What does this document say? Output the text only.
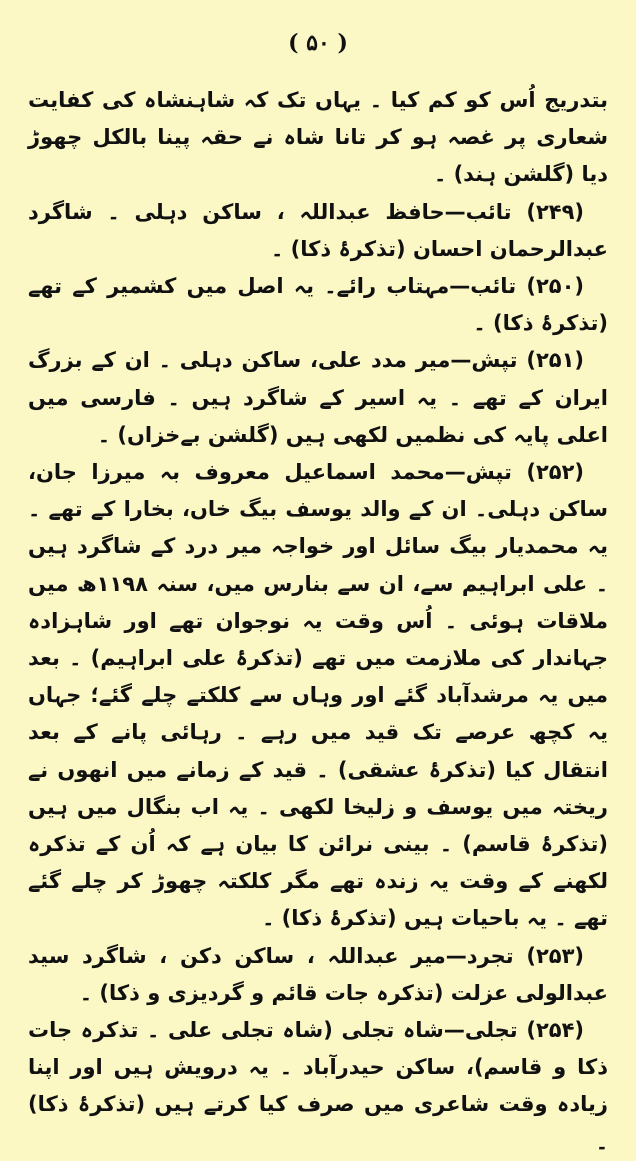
( ۵۰ )

بتدریج اُس کو کم کیا ۔ یہاں تک کہ شاہنشاہ کی کفایت شعاری پر غصہ ہو کر تانا شاہ نے حقہ پینا بالکل چھوڑ دیا (گلشن ہند) ۔

(۲۴۹) تائب—حافظ عبداللہ ، ساکن دہلی ۔ شاگرد عبدالرحمان احسان (تذکرۂ ذکا) ۔

(۲۵۰) تائب—مہتاب رائے۔ یہ اصل میں کشمیر کے تھے (تذکرۂ ذکا) ۔

(۲۵۱) تپش—میر مدد علی، ساکن دہلی ۔ ان کے بزرگ ایران کے تھے ۔ یہ اسیر کے شاگرد ہیں ۔ فارسی میں اعلی پایہ کی نظمیں لکھی ہیں (گلشن بےخزاں) ۔

(۲۵۲) تپش—محمد اسماعیل معروف بہ میرزا جان، ساکن دہلی۔ ان کے والد یوسف بیگ خاں، بخارا کے تھے ۔ یہ محمدیار بیگ سائل اور خواجہ میر درد کے شاگرد ہیں ۔ علی ابراہیم سے، ان سے بنارس میں، سنہ ۱۱۹۸ھ میں ملاقات ہوئی ۔ اُس وقت یہ نوجوان تھے اور شاہزادہ جہاندار کی ملازمت میں تھے (تذکرۂ علی ابراہیم) ۔ بعد میں یہ مرشدآباد گئے اور وہاں سے کلکتے چلے گئے؛ جہاں یہ کچھ عرصے تک قید میں رہے ۔ رہائی پانے کے بعد انتقال کیا (تذکرۂ عشقی) ۔ قید کے زمانے میں انھوں نے ریختہ میں یوسف و زلیخا لکھی ۔ یہ اب بنگال میں ہیں (تذکرۂ قاسم) ۔ بینی نرائن کا بیان ہے کہ اُن کے تذکرہ لکھنے کے وقت یہ زندہ تھے مگر کلکتہ چھوڑ کر چلے گئے تھے ۔ یہ باحیات ہیں (تذکرۂ ذکا) ۔

(۲۵۳) تجرد—میر عبداللہ ، ساکن دکن ، شاگرد سید عبدالولی عزلت (تذکرہ جات قائم و گردیزی و ذکا) ۔

(۲۵۴) تجلی—شاہ تجلی (شاہ تجلی علی ۔ تذکرہ جات ذکا و قاسم)، ساکن حیدرآباد ۔ یہ درویش ہیں اور اپنا زیادہ وقت شاعری میں صرف کیا کرتے ہیں (تذکرۂ ذکا) ۔
